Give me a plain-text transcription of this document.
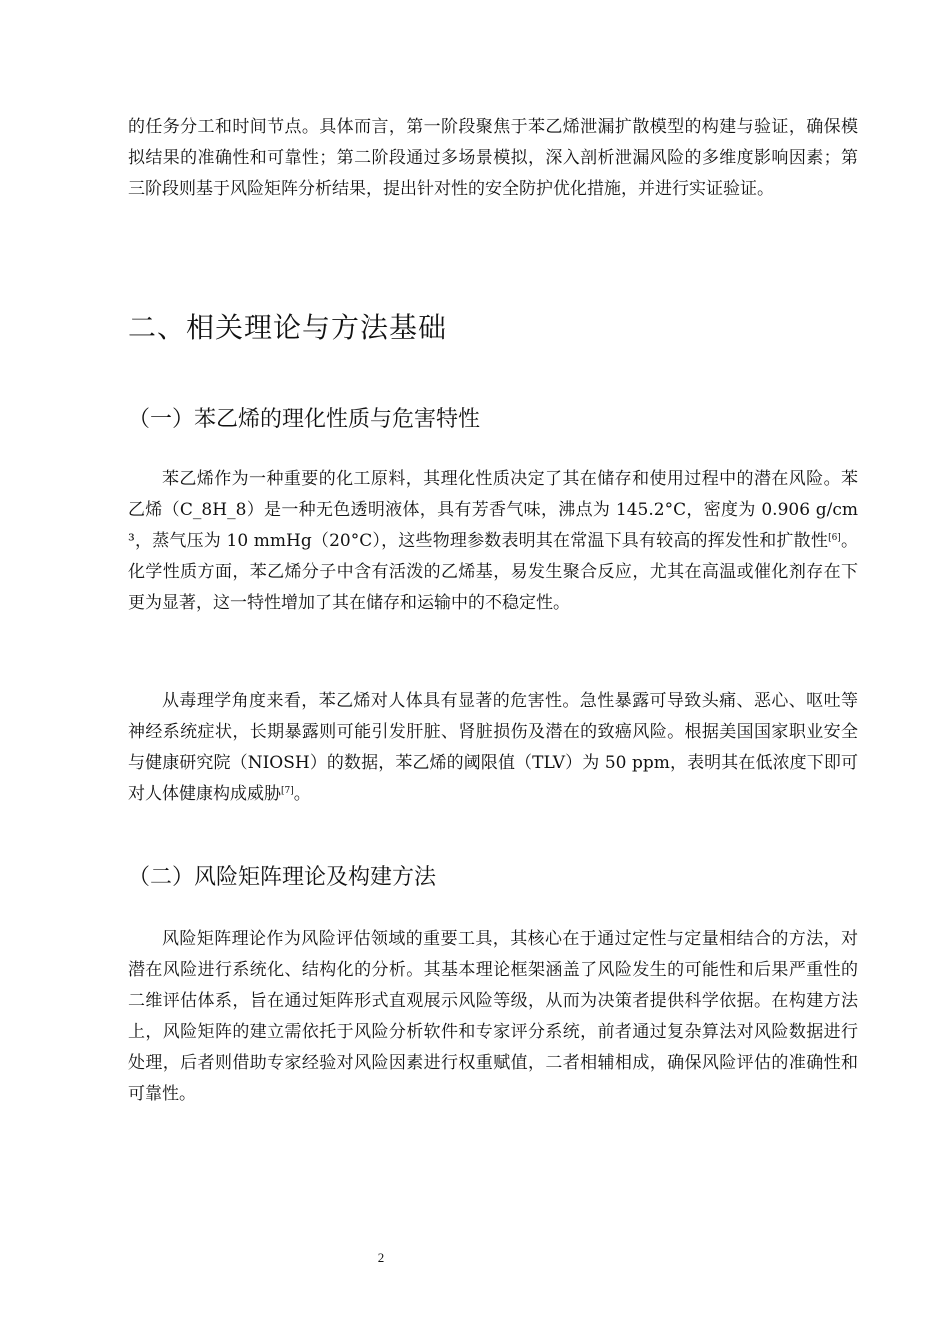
的任务分工和时间节点。具体而言，第一阶段聚焦于苯乙烯泄漏扩散模型的构建与验证，确保模拟结果的准确性和可靠性；第二阶段通过多场景模拟，深入剖析泄漏风险的多维度影响因素；第三阶段则基于风险矩阵分析结果，提出针对性的安全防护优化措施，并进行实证验证。

二、相关理论与方法基础
（一）苯乙烯的理化性质与危害特性

苯乙烯作为一种重要的化工原料，其理化性质决定了其在储存和使用过程中的潜在风险。苯乙烯（C_8H_8）是一种无色透明液体，具有芳香气味，沸点为 145.2°C，密度为 0.906 g/cm³，蒸气压为 10 mmHg（20°C），这些物理参数表明其在常温下具有较高的挥发性和扩散性[6]。化学性质方面，苯乙烯分子中含有活泼的乙烯基，易发生聚合反应，尤其在高温或催化剂存在下更为显著，这一特性增加了其在储存和运输中的不稳定性。

从毒理学角度来看，苯乙烯对人体具有显著的危害性。急性暴露可导致头痛、恶心、呕吐等神经系统症状，长期暴露则可能引发肝脏、肾脏损伤及潜在的致癌风险。根据美国国家职业安全与健康研究院（NIOSH）的数据，苯乙烯的阈限值（TLV）为 50 ppm，表明其在低浓度下即可对人体健康构成威胁[7]。

（二）风险矩阵理论及构建方法

风险矩阵理论作为风险评估领域的重要工具，其核心在于通过定性与定量相结合的方法，对潜在风险进行系统化、结构化的分析。其基本理论框架涵盖了风险发生的可能性和后果严重性的二维评估体系，旨在通过矩阵形式直观展示风险等级，从而为决策者提供科学依据。在构建方法上，风险矩阵的建立需依托于风险分析软件和专家评分系统，前者通过复杂算法对风险数据进行处理，后者则借助专家经验对风险因素进行权重赋值，二者相辅相成，确保风险评估的准确性和可靠性。

2
